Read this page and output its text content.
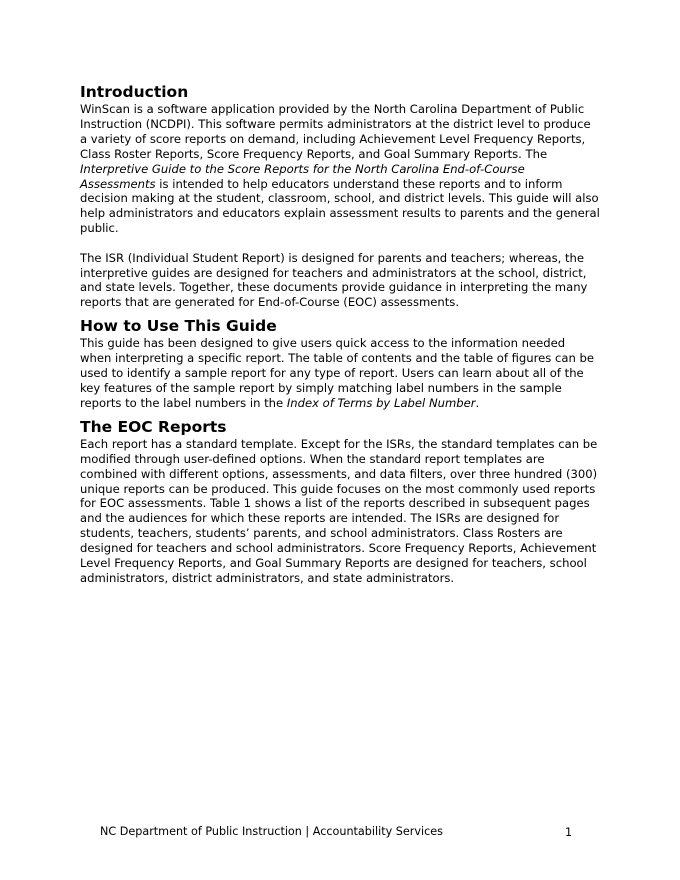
Introduction

WinScan is a software application provided by the North Carolina Department of Public Instruction (NCDPI). This software permits administrators at the district level to produce a variety of score reports on demand, including Achievement Level Frequency Reports, Class Roster Reports, Score Frequency Reports, and Goal Summary Reports. The Interpretive Guide to the Score Reports for the North Carolina End-of-Course Assessments is intended to help educators understand these reports and to inform decision making at the student, classroom, school, and district levels. This guide will also help administrators and educators explain assessment results to parents and the general public.

The ISR (Individual Student Report) is designed for parents and teachers; whereas, the interpretive guides are designed for teachers and administrators at the school, district, and state levels. Together, these documents provide guidance in interpreting the many reports that are generated for End-of-Course (EOC) assessments.

How to Use This Guide

This guide has been designed to give users quick access to the information needed when interpreting a specific report. The table of contents and the table of figures can be used to identify a sample report for any type of report. Users can learn about all of the key features of the sample report by simply matching label numbers in the sample reports to the label numbers in the Index of Terms by Label Number.

The EOC Reports

Each report has a standard template. Except for the ISRs, the standard templates can be modified through user-defined options. When the standard report templates are combined with different options, assessments, and data filters, over three hundred (300) unique reports can be produced. This guide focuses on the most commonly used reports for EOC assessments. Table 1 shows a list of the reports described in subsequent pages and the audiences for which these reports are intended. The ISRs are designed for students, teachers, students’ parents, and school administrators. Class Rosters are designed for teachers and school administrators. Score Frequency Reports, Achievement Level Frequency Reports, and Goal Summary Reports are designed for teachers, school administrators, district administrators, and state administrators.

NC Department of Public Instruction | Accountability Services	1
